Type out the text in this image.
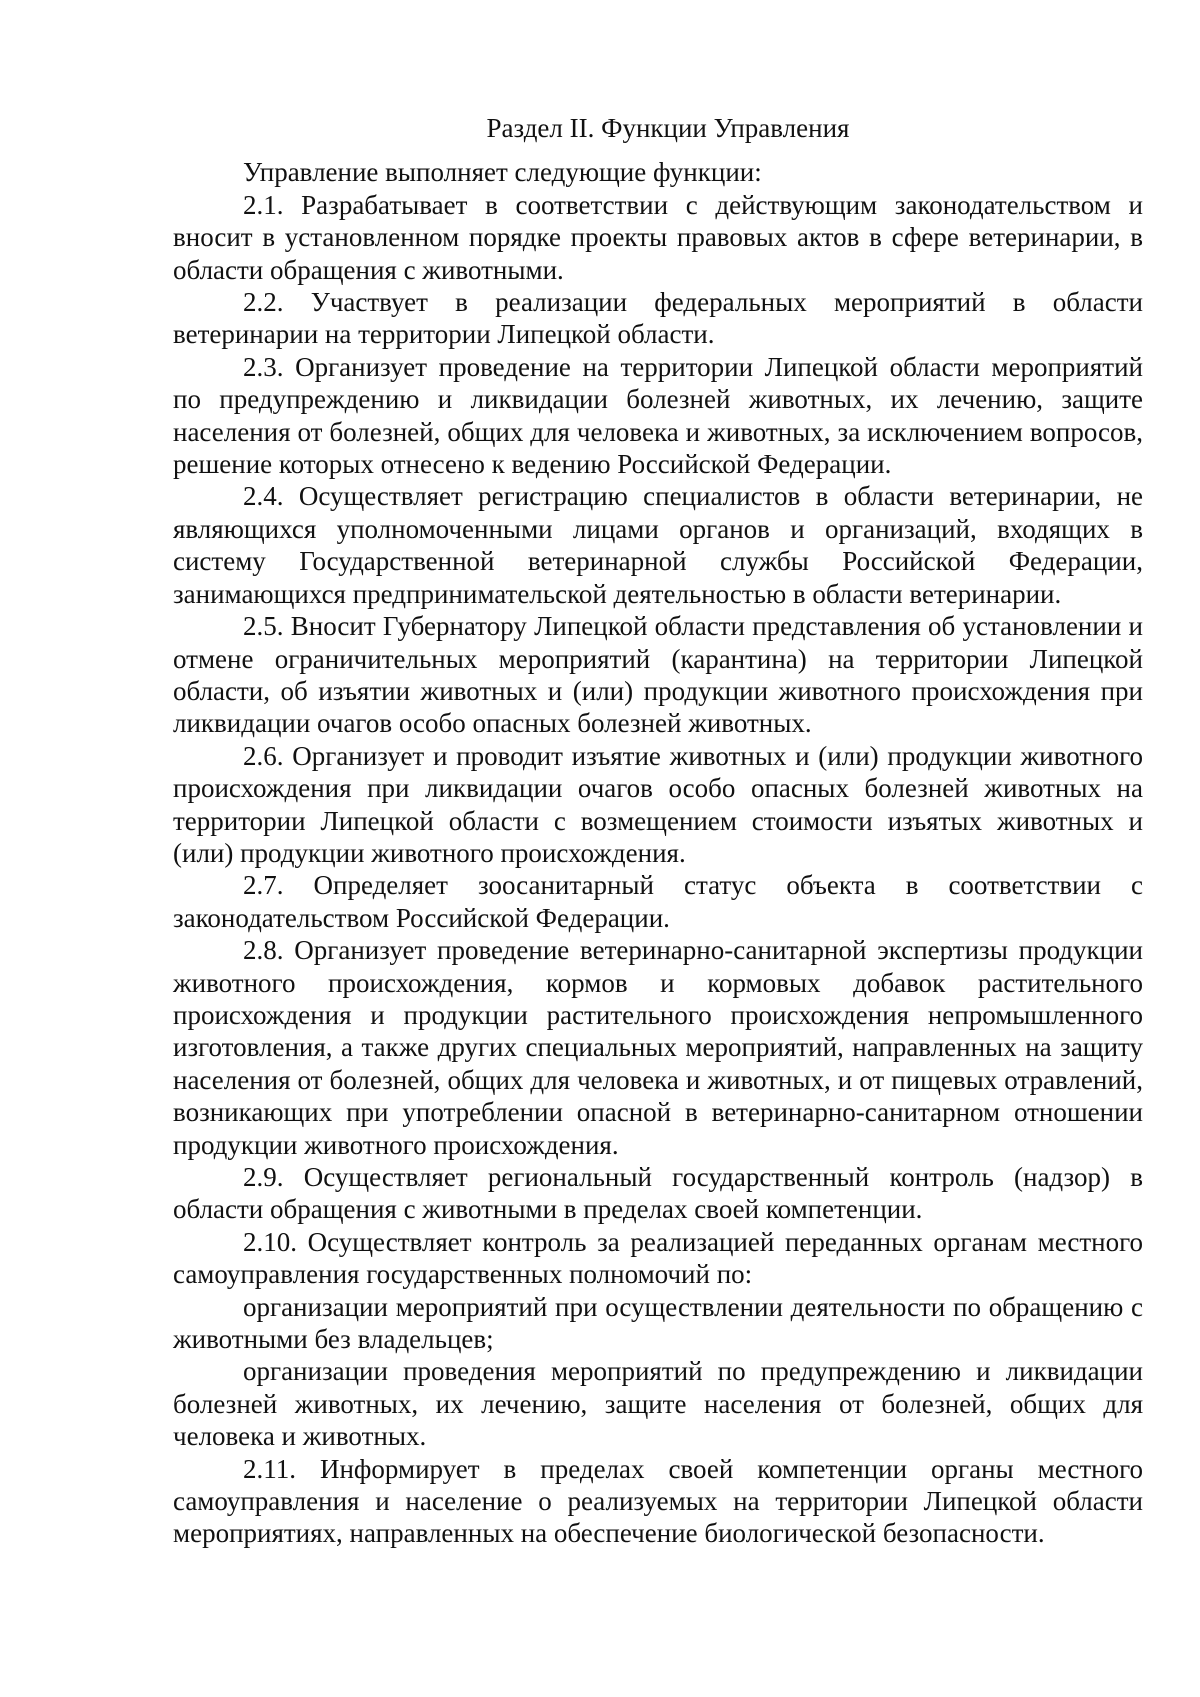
Раздел II. Функции Управления

Управление выполняет следующие функции:

2.1. Разрабатывает в соответствии с действующим законодательством и вносит в установленном порядке проекты правовых актов в сфере ветеринарии, в области обращения с животными.

2.2. Участвует в реализации федеральных мероприятий в области ветеринарии на территории Липецкой области.

2.3. Организует проведение на территории Липецкой области мероприятий по предупреждению и ликвидации болезней животных, их лечению, защите населения от болезней, общих для человека и животных, за исключением вопросов, решение которых отнесено к ведению Российской Федерации.

2.4. Осуществляет регистрацию специалистов в области ветеринарии, не являющихся уполномоченными лицами органов и организаций, входящих в систему Государственной ветеринарной службы Российской Федерации, занимающихся предпринимательской деятельностью в области ветеринарии.

2.5. Вносит Губернатору Липецкой области представления об установлении и отмене ограничительных мероприятий (карантина) на территории Липецкой области, об изъятии животных и (или) продукции животного происхождения при ликвидации очагов особо опасных болезней животных.

2.6. Организует и проводит изъятие животных и (или) продукции животного происхождения при ликвидации очагов особо опасных болезней животных на территории Липецкой области с возмещением стоимости изъятых животных и (или) продукции животного происхождения.

2.7. Определяет зоосанитарный статус объекта в соответствии с законодательством Российской Федерации.

2.8. Организует проведение ветеринарно-санитарной экспертизы продукции животного происхождения, кормов и кормовых добавок растительного происхождения и продукции растительного происхождения непромышленного изготовления, а также других специальных мероприятий, направленных на защиту населения от болезней, общих для человека и животных, и от пищевых отравлений, возникающих при употреблении опасной в ветеринарно-санитарном отношении продукции животного происхождения.

2.9. Осуществляет региональный государственный контроль (надзор) в области обращения с животными в пределах своей компетенции.

2.10. Осуществляет контроль за реализацией переданных органам местного самоуправления государственных полномочий по:

организации мероприятий при осуществлении деятельности по обращению с животными без владельцев;

организации проведения мероприятий по предупреждению и ликвидации болезней животных, их лечению, защите населения от болезней, общих для человека и животных.

2.11. Информирует в пределах своей компетенции органы местного самоуправления и население о реализуемых на территории Липецкой области мероприятиях, направленных на обеспечение биологической безопасности.
